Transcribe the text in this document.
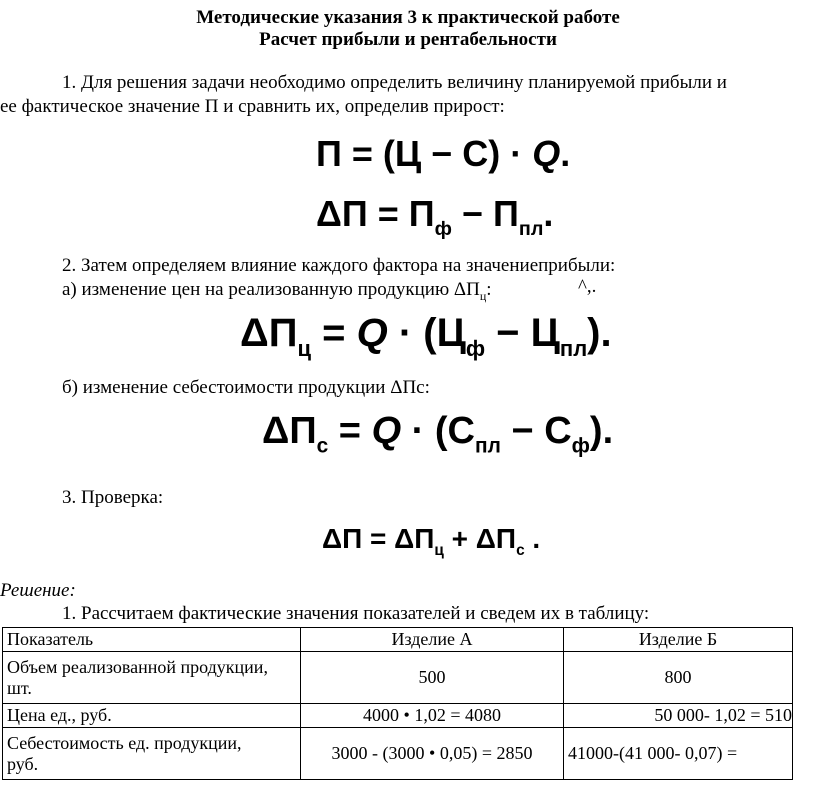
Методические указания 3 к практической работе
Расчет прибыли и рентабельности
1. Для решения задачи необходимо определить величину планируемой прибыли и
ее фактическое значение П и сравнить их, определив прирост:
П = (Ц − С) · Q.
$\Delta П = П_ф - П_{пл}$.
2. Затем определяем влияние каждого фактора на значениеприбыли:
а) изменение цен на реализованную продукцию $\Delta П_ц$:	^,.
$\Delta П_ц = Q \cdot (Ц_ф - Ц_{пл})$.
б) изменение себестоимости продукции ΔПс:
$\Delta П_с = Q \cdot (С_{пл} - С_ф)$.
3. Проверка:
$\Delta П = \Delta П_ц + \Delta П_с$ .
Решение:
1. Рассчитаем фактические значения показателей и сведем их в таблицу:
Показатель	Изделие А	Изделие Б
Объем реализованной продукции,
шт.	500	800
Цена ед., руб.	4000 • 1,02 = 4080	50 000- 1,02 = 510
Себестоимость ед. продукции,
руб.	3000 - (3000 • 0,05) = 2850	41000-(41 000- 0,07) =
